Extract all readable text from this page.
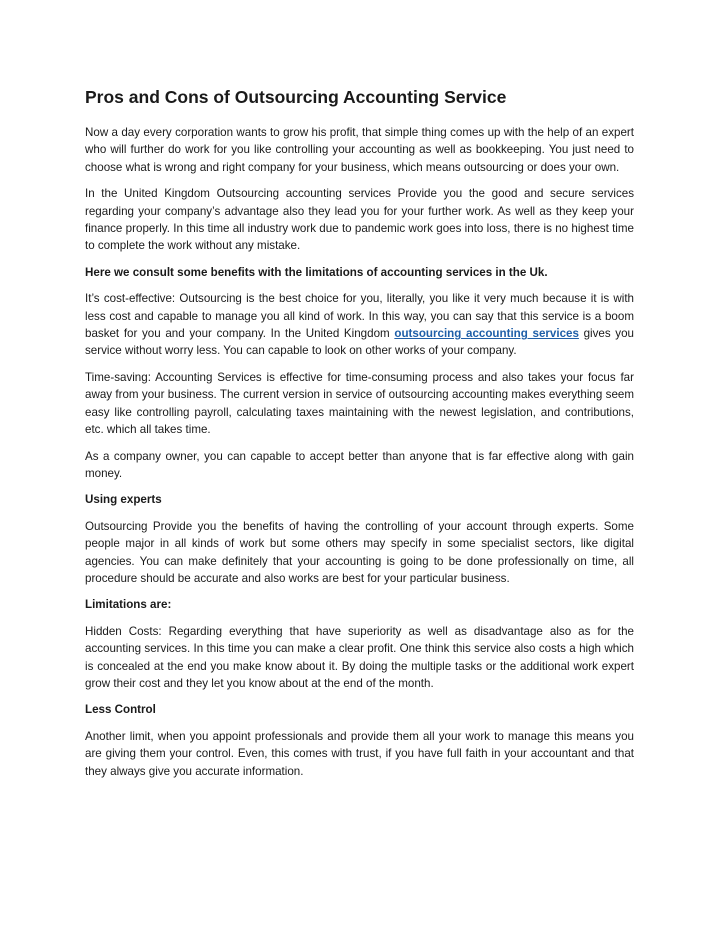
Pros and Cons of Outsourcing Accounting Service

Now a day every corporation wants to grow his profit, that simple thing comes up with the help of an expert who will further do work for you like controlling your accounting as well as bookkeeping. You just need to choose what is wrong and right company for your business, which means outsourcing or does your own.

In the United Kingdom Outsourcing accounting services Provide you the good and secure services regarding your company’s advantage also they lead you for your further work. As well as they keep your finance properly. In this time all industry work due to pandemic work goes into loss, there is no highest time to complete the work without any mistake.

Here we consult some benefits with the limitations of accounting services in the Uk.

It’s cost-effective: Outsourcing is the best choice for you, literally, you like it very much because it is with less cost and capable to manage you all kind of work. In this way, you can say that this service is a boom basket for you and your company. In the United Kingdom outsourcing accounting services gives you service without worry less. You can capable to look on other works of your company.

Time-saving: Accounting Services is effective for time-consuming process and also takes your focus far away from your business. The current version in service of outsourcing accounting makes everything seem easy like controlling payroll, calculating taxes maintaining with the newest legislation, and contributions, etc. which all takes time.

As a company owner, you can capable to accept better than anyone that is far effective along with gain money.

Using experts

Outsourcing Provide you the benefits of having the controlling of your account through experts. Some people major in all kinds of work but some others may specify in some specialist sectors, like digital agencies. You can make definitely that your accounting is going to be done professionally on time, all procedure should be accurate and also works are best for your particular business.

Limitations are:

Hidden Costs: Regarding everything that have superiority as well as disadvantage also as for the accounting services. In this time you can make a clear profit. One think this service also costs a high which is concealed at the end you make know about it. By doing the multiple tasks or the additional work expert grow their cost and they let you know about at the end of the month.

Less Control

Another limit, when you appoint professionals and provide them all your work to manage this means you are giving them your control. Even, this comes with trust, if you have full faith in your accountant and that they always give you accurate information.
